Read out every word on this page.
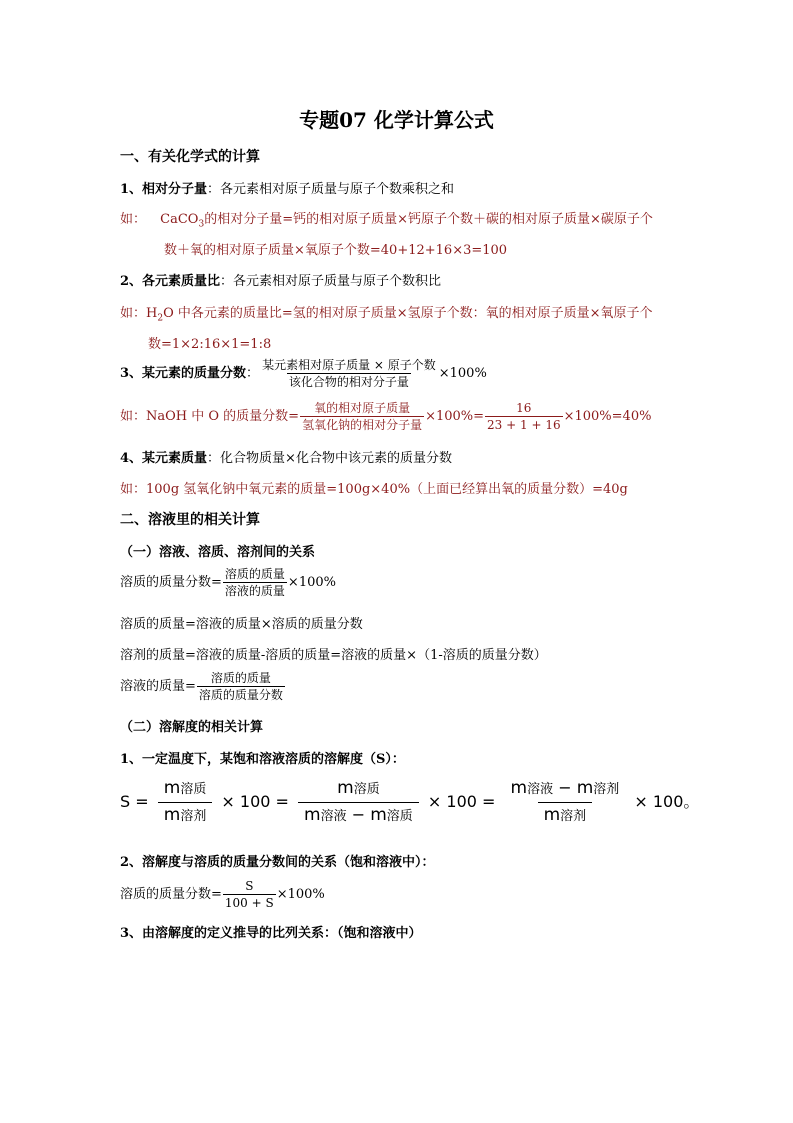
专题07 化学计算公式
一、有关化学式的计算
1、相对分子量：各元素相对原子质量与原子个数乘积之和
如： CaCO$_3$的相对分子量=钙的相对原子质量×钙原子个数＋碳的相对原子质量×碳原子个
数＋氧的相对原子质量×氧原子个数=40+12+16×3=100
2、各元素质量比：各元素相对原子质量与原子个数积比
如：$H_2O$ 中各元素的质量比=氢的相对原子质量×氢原子个数：氧的相对原子质量×氧原子个
数=1×2:16×1=1:8
3、某元素的质量分数： $\frac{\text{某元素相对原子质量 × 原子个数}}{\text{该化合物的相对分子量}} \times 100\%$
如：NaOH 中 O 的质量分数= $\frac{\text{氧的相对原子质量}}{\text{氢氧化钠的相对分子量}} \times 100\%= \frac{16}{23 + 1 + 16} \times 100\%=40\%$
4、某元素质量：化合物质量×化合物中该元素的质量分数
如：100g 氢氧化钠中氧元素的质量=100g×40%（上面已经算出氧的质量分数）=40g
二、溶液里的相关计算
（一）溶液、溶质、溶剂间的关系
溶质的质量分数= $\frac{\text{溶质的质量}}{\text{溶液的质量}} \times 100\%$
溶质的质量=溶液的质量×溶质的质量分数
溶剂的质量=溶液的质量-溶质的质量=溶液的质量×（1-溶质的质量分数）
溶液的质量= $\frac{\text{溶质的质量}}{\text{溶质的质量分数}}$
（二）溶解度的相关计算
1、一定温度下，某饱和溶液溶质的溶解度（S）：
$S = \frac{\text{m溶质}}{\text{m溶剂}} \times 100 = \frac{\text{m溶质}}{\text{m溶液 − m溶质}} \times 100 = \frac{\text{m溶液 − m溶剂}}{\text{m溶剂}} \times 100$。
2、溶解度与溶质的质量分数间的关系（饱和溶液中）：
溶质的质量分数= $\frac{S}{100 + S} \times 100\%$
3、由溶解度的定义推导的比列关系：（饱和溶液中）
